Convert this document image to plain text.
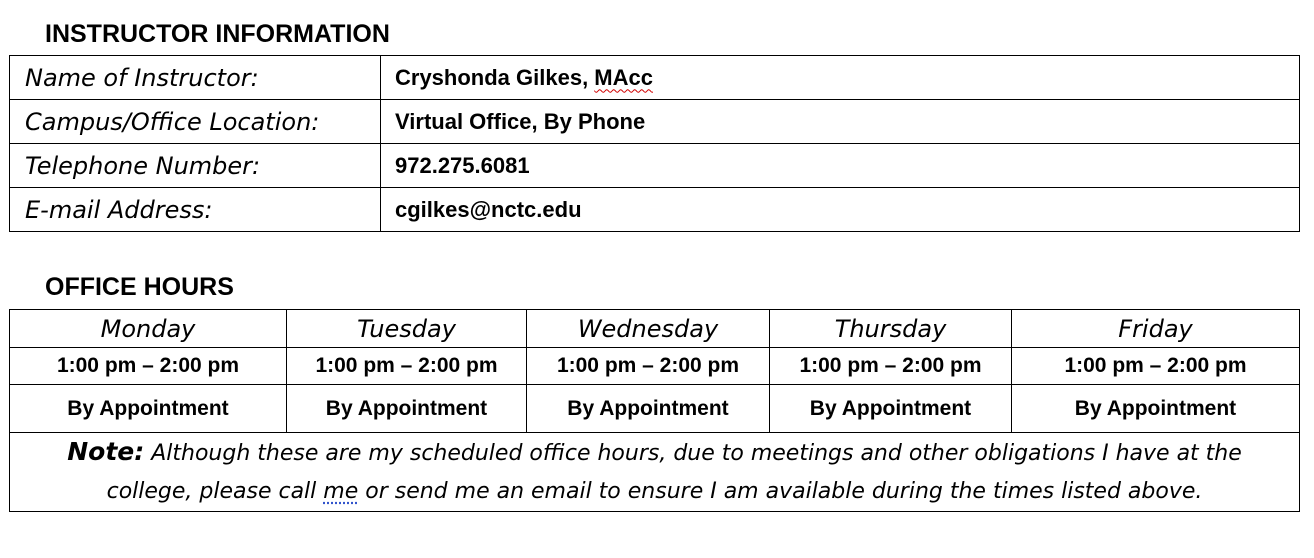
INSTRUCTOR INFORMATION
Name of Instructor:	Cryshonda Gilkes, MAcc
Campus/Office Location:	Virtual Office, By Phone
Telephone Number:	972.275.6081
E-mail Address:	cgilkes@nctc.edu
OFFICE HOURS
Monday	Tuesday	Wednesday	Thursday	Friday
1:00 pm – 2:00 pm	1:00 pm – 2:00 pm	1:00 pm – 2:00 pm	1:00 pm – 2:00 pm	1:00 pm – 2:00 pm
By Appointment	By Appointment	By Appointment	By Appointment	By Appointment
Note: Although these are my scheduled office hours, due to meetings and other obligations I have at the
college, please call me or send me an email to ensure I am available during the times listed above.				
